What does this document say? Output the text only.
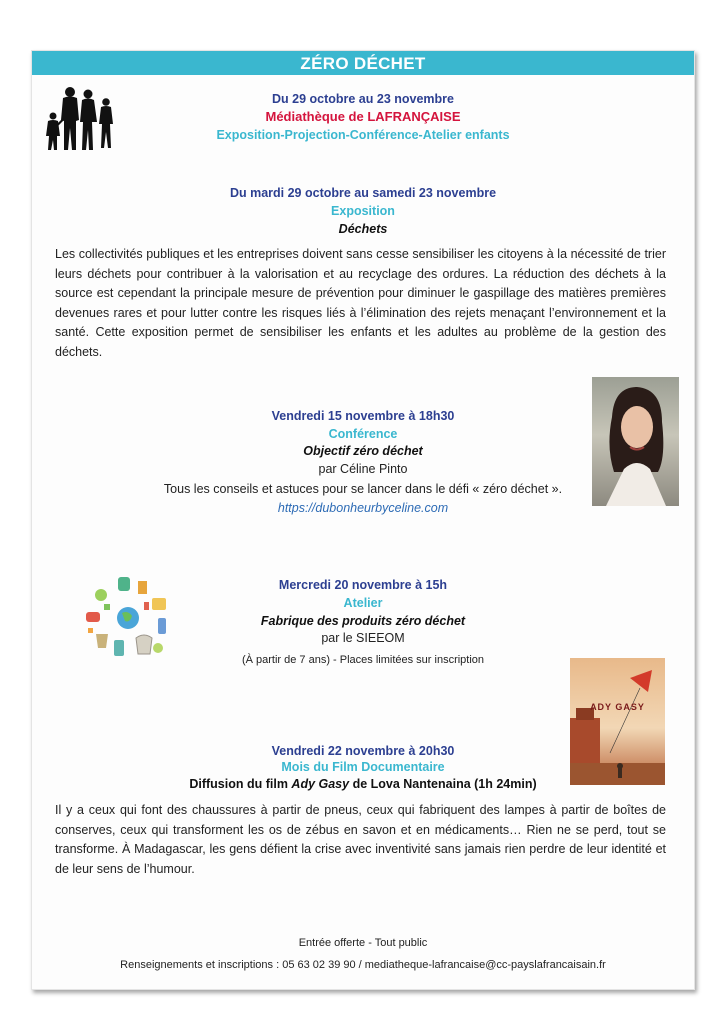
ZÉRO DÉCHET
Du 29 octobre au 23 novembre
Médiathèque de LAFRANÇAISE
Exposition-Projection-Conférence-Atelier enfants
Du mardi 29 octobre au samedi 23 novembre
Exposition
Déchets
Les collectivités publiques et les entreprises doivent sans cesse sensibiliser les citoyens à la nécessité de trier leurs déchets pour contribuer à la valorisation et au recyclage des ordures. La réduction des déchets à la source est cependant la principale mesure de prévention pour diminuer le gaspillage des matières premières devenues rares et pour lutter contre les risques liés à l’élimination des rejets menaçant l’environnement et la santé. Cette exposition permet de sensibiliser les enfants et les adultes au problème de la gestion des déchets.
Vendredi 15 novembre à 18h30
Conférence
Objectif zéro déchet
par Céline Pinto
Tous les conseils et astuces pour se lancer dans le défi « zéro déchet ».
https://dubonheurbyceline.com
Mercredi 20 novembre à 15h
Atelier
Fabrique des produits zéro déchet
par le SIEEOM
(À partir de 7 ans) - Places limitées sur inscription
ADY GASY
Vendredi 22 novembre à 20h30
Mois du Film Documentaire
Diffusion du film Ady Gasy de Lova Nantenaina (1h 24min)
Il y a ceux qui font des chaussures à partir de pneus, ceux qui fabriquent des lampes à partir de boîtes de conserves, ceux qui transforment les os de zébus en savon et en médicaments… Rien ne se perd, tout se transforme. À Madagascar, les gens défient la crise avec inventivité sans jamais rien perdre de leur identité et de leur sens de l’humour.
Entrée offerte - Tout public
Renseignements et inscriptions : 05 63 02 39 90 / mediatheque-lafrancaise@cc-payslafrancaisain.fr
